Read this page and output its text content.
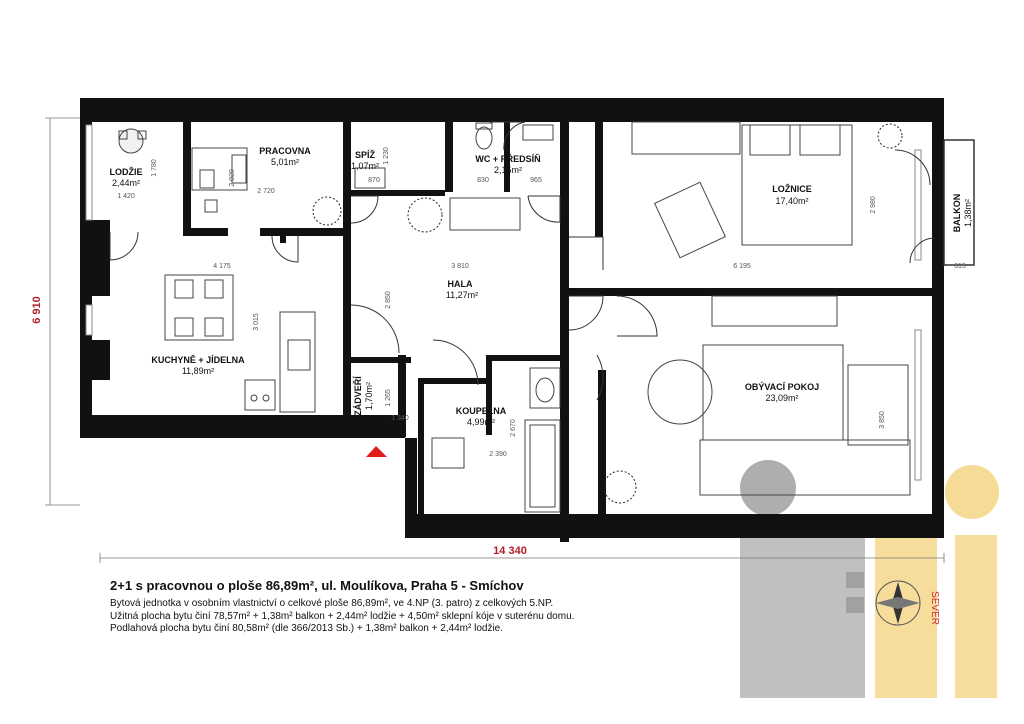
LODŽIE
2,44m²
PRACOVNA
5,01m²
SPÍŽ
1,07m²
WC + PŘEDSÍŇ
2,15m²
LOŽNICE
17,40m²	BALKON 1,38m²
HALA
11,27m²
KUCHYNĚ + JÍDELNA
11,89m²
ZÁDVEŘÍ 1,70m²
KOUPELNA
4,99m²
OBÝVACÍ POKOJ
23,09m²
6 910
14 340
1 420
2 720
870	830	965
4 175	3 810	6 195	615
2 980
3 015
2 850
2 020
1 780
1 230
1 340
1 265
2 670
2 390
3 850
SEVER
2+1 s pracovnou o ploše 86,89m², ul. Moulíkova, Praha 5 - Smíchov
Bytová jednotka v osobním vlastnictví o celkové ploše 86,89m², ve 4.NP (3. patro) z celkových 5.NP.
Užitná plocha bytu činí 78,57m² + 1,38m² balkon + 2,44m² lodžie + 4,50m² sklepní kóje v suterénu domu.
Podlahová plocha bytu činí 80,58m² (dle 366/2013 Sb.) + 1,38m² balkon + 2,44m² lodžie.
